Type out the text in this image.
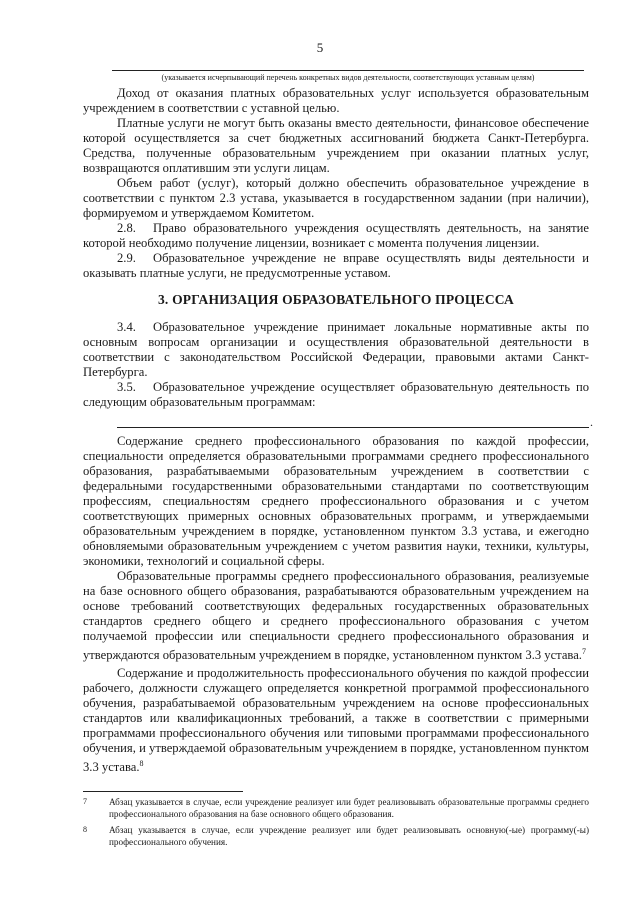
5
(указывается исчерпывающий перечень конкретных видов деятельности, соответствующих уставным целям)

Доход от оказания платных образовательных услуг используется образовательным учреждением в соответствии с уставной целью.

Платные услуги не могут быть оказаны вместо деятельности, финансовое обеспечение которой осуществляется за счет бюджетных ассигнований бюджета Санкт-Петербурга. Средства, полученные образовательным учреждением при оказании платных услуг, возвращаются оплатившим эти услуги лицам.

Объем работ (услуг), который должно обеспечить образовательное учреждение в соответствии с пунктом 2.3 устава, указывается в государственном задании (при наличии), формируемом и утверждаемом Комитетом.

2.8. Право образовательного учреждения осуществлять деятельность, на занятие которой необходимо получение лицензии, возникает с момента получения лицензии.

2.9. Образовательное учреждение не вправе осуществлять виды деятельности и оказывать платные услуги, не предусмотренные уставом.

3. ОРГАНИЗАЦИЯ ОБРАЗОВАТЕЛЬНОГО ПРОЦЕССА

3.4. Образовательное учреждение принимает локальные нормативные акты по основным вопросам организации и осуществления образовательной деятельности в соответствии с законодательством Российской Федерации, правовыми актами Санкт-Петербурга.

3.5. Образовательное учреждение осуществляет образовательную деятельность по следующим образовательным программам:

.

Содержание среднего профессионального образования по каждой профессии, специальности определяется образовательными программами среднего профессионального образования, разрабатываемыми образовательным учреждением в соответствии с федеральными государственными образовательными стандартами по соответствующим профессиям, специальностям среднего профессионального образования и с учетом соответствующих примерных основных образовательных программ, и утверждаемыми образовательным учреждением в порядке, установленном пунктом 3.3 устава, и ежегодно обновляемыми образовательным учреждением с учетом развития науки, техники, культуры, экономики, технологий и социальной сферы.

Образовательные программы среднего профессионального образования, реализуемые на базе основного общего образования, разрабатываются образовательным учреждением на основе требований соответствующих федеральных государственных образовательных стандартов среднего общего и среднего профессионального образования с учетом получаемой профессии или специальности среднего профессионального образования и утверждаются образовательным учреждением в порядке, установленном пунктом 3.3 устава.$^7$

Содержание и продолжительность профессионального обучения по каждой профессии рабочего, должности служащего определяется конкретной программой профессионального обучения, разрабатываемой образовательным учреждением на основе профессиональных стандартов или квалификационных требований, а также в соответствии с примерными программами профессионального обучения или типовыми программами профессионального обучения, и утверждаемой образовательным учреждением в порядке, установленном пунктом 3.3 устава.$^8$

7	Абзац указывается в случае, если учреждение реализует или будет реализовывать образовательные программы среднего профессионального образования на базе основного общего образования.
8	Абзац указывается в случае, если учреждение реализует или будет реализовывать основную(-ые) программу(-ы) профессионального обучения.
